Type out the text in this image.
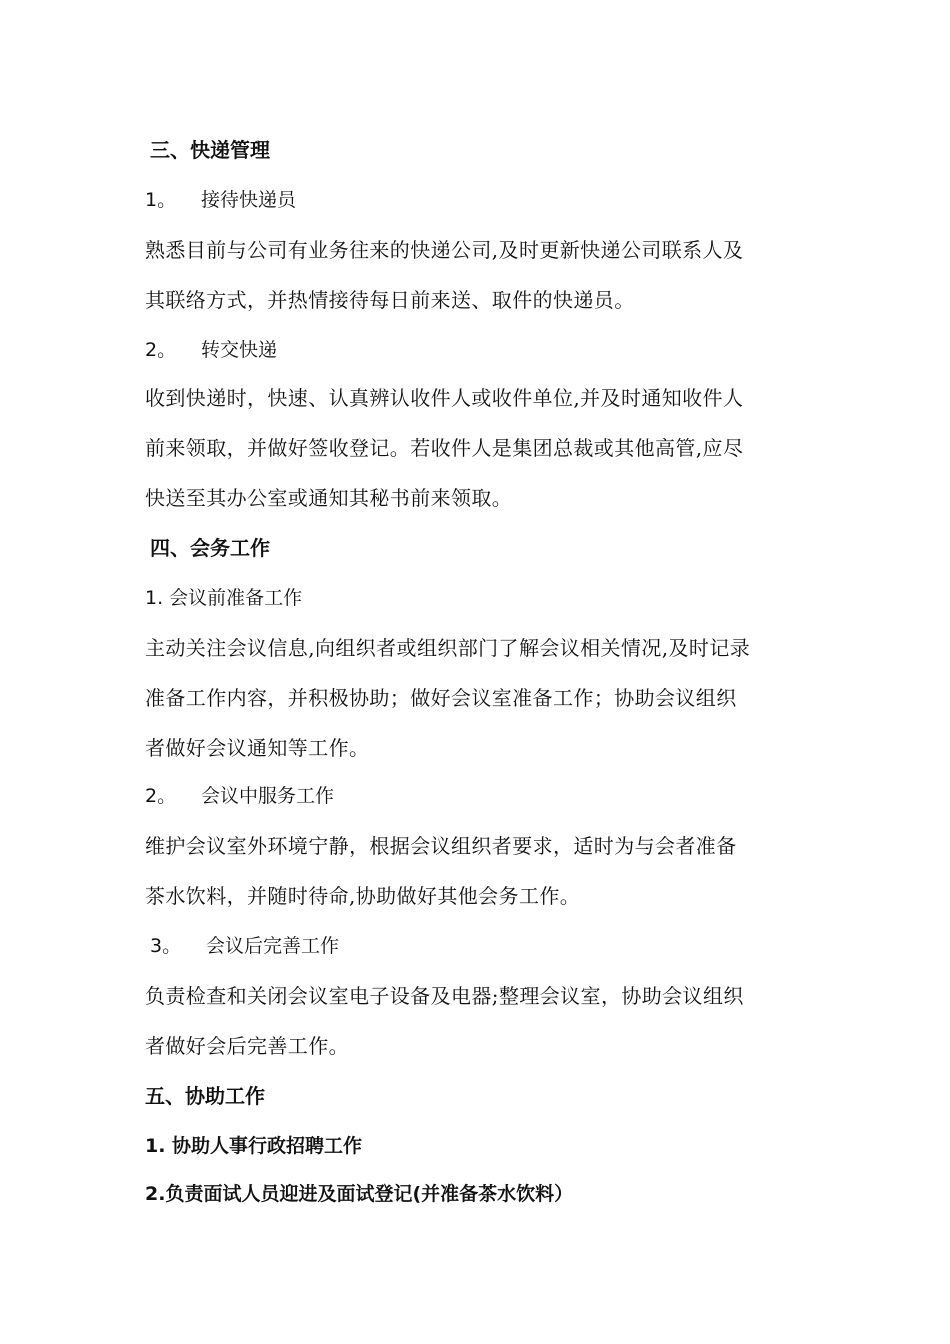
三、快递管理
1。 接待快递员
熟悉目前与公司有业务往来的快递公司,及时更新快递公司联系人及
其联络方式，并热情接待每日前来送、取件的快递员。
2。 转交快递
收到快递时，快速、认真辨认收件人或收件单位,并及时通知收件人
前来领取，并做好签收登记。若收件人是集团总裁或其他高管,应尽
快送至其办公室或通知其秘书前来领取。
四、会务工作
1. 会议前准备工作
主动关注会议信息,向组织者或组织部门了解会议相关情况,及时记录
准备工作内容，并积极协助；做好会议室准备工作；协助会议组织
者做好会议通知等工作。
2。 会议中服务工作
维护会议室外环境宁静，根据会议组织者要求，适时为与会者准备
茶水饮料，并随时待命,协助做好其他会务工作。
3。 会议后完善工作
负责检查和关闭会议室电子设备及电器;整理会议室，协助会议组织
者做好会后完善工作。
五、协助工作
1. 协助人事行政招聘工作
2.负责面试人员迎进及面试登记(并准备茶水饮料）
